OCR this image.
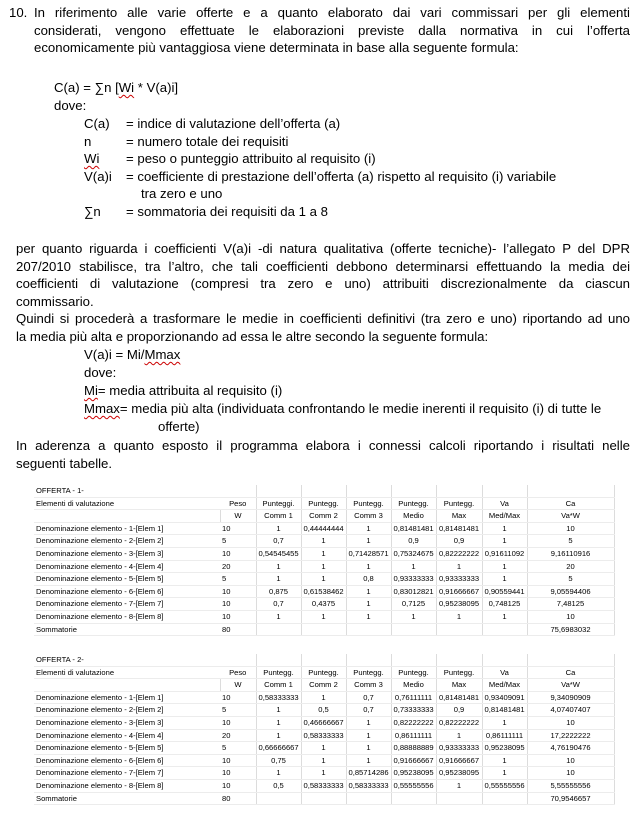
10. In riferimento alle varie offerte e a quanto elaborato dai vari commissari per gli elementi
considerati, vengono effettuate le elaborazioni previste dalla normativa in cui l’offerta
economicamente più vantaggiosa viene determinata in base alla seguente formula:
C(a) = ∑n [Wi * V(a)i]
dove:
C(a) = indice di valutazione dell’offerta (a)
n	= numero totale dei requisiti
Wi = peso o punteggio attribuito al requisito (i)
V(a)i = coefficiente di prestazione dell’offerta (a) rispetto al requisito (i) variabile
tra zero e uno
∑n = sommatoria dei requisiti da 1 a 8
per quanto riguarda i coefficienti V(a)i -di natura qualitativa (offerte tecniche)- l’allegato P del DPR
207/2010 stabilisce, tra l’altro, che tali coefficienti debbono determinarsi effettuando la media dei
coefficienti di valutazione (compresi tra zero e uno) attribuiti discrezionalmente da ciascun
commissario.
Quindi si procederà a trasformare le medie in coefficienti definitivi (tra zero e uno) riportando ad uno
la media più alta e proporzionando ad essa le altre secondo la seguente formula:
V(a)i = Mi/Mmax
dove:
Mi= media attribuita al requisito (i)
Mmax= media più alta (individuata confrontando le medie inerenti il requisito (i) di tutte le
offerte)
In aderenza a quanto esposto il programma elabora i connessi calcoli riportando i risultati nelle
seguenti tabelle.
OFFERTA - 1-								
Elementi di valutazione	Peso	Punteggi.	Puntegg.	Puntegg.	Puntegg.	Puntegg.	Va	Ca
	W	Comm 1	Comm 2	Comm 3	Medio	Max	Med/Max	Va*W
Denominazione elemento - 1-[Elem 1]	10	1	0,44444444	1	0,81481481	0,81481481	1	10
Denominazione elemento - 2-[Elem 2]	5	0,7	1	1	0,9	0,9	1	5
Denominazione elemento - 3-[Elem 3]	10	0,54545455	1	0,71428571	0,75324675	0,82222222	0,91611092	9,16110916
Denominazione elemento - 4-[Elem 4]	20	1	1	1	1	1	1	20
Denominazione elemento - 5-[Elem 5]	5	1	1	0,8	0,93333333	0,93333333	1	5
Denominazione elemento - 6-[Elem 6]	10	0,875	0,61538462	1	0,83012821	0,91666667	0,90559441	9,05594406
Denominazione elemento - 7-[Elem 7]	10	0,7	0,4375	1	0,7125	0,95238095	0,748125	7,48125
Denominazione elemento - 8-[Elem 8]	10	1	1	1	1	1	1	10
Sommatorie	80							75,6983032
OFFERTA - 2-								
Elementi di valutazione	Peso	Puntegg.	Puntegg.	Puntegg.	Puntegg.	Puntegg.	Va	Ca
	W	Comm 1	Comm 2	Comm 3	Medio	Max	Med/Max	Va*W
Denominazione elemento - 1-[Elem 1]	10	0,58333333	1	0,7	0,76111111	0,81481481	0,93409091	9,34090909
Denominazione elemento - 2-[Elem 2]	5	1	0,5	0,7	0,73333333	0,9	0,81481481	4,07407407
Denominazione elemento - 3-[Elem 3]	10	1	0,46666667	1	0,82222222	0,82222222	1	10
Denominazione elemento - 4-[Elem 4]	20	1	0,58333333	1	0,86111111	1	0,86111111	17,2222222
Denominazione elemento - 5-[Elem 5]	5	0,66666667	1	1	0,88888889	0,93333333	0,95238095	4,76190476
Denominazione elemento - 6-[Elem 6]	10	0,75	1	1	0,91666667	0,91666667	1	10
Denominazione elemento - 7-[Elem 7]	10	1	1	0,85714286	0,95238095	0,95238095	1	10
Denominazione elemento - 8-[Elem 8]	10	0,5	0,58333333	0,58333333	0,55555556	1	0,55555556	5,55555556
Sommatorie	80							70,9546657
